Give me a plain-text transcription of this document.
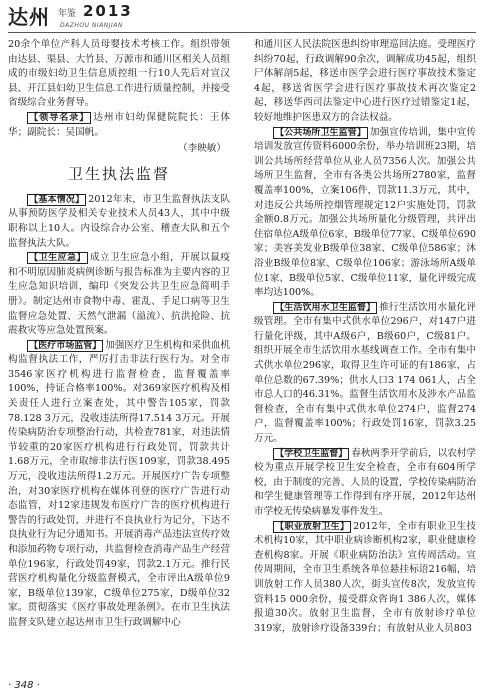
达州 年鉴 2013
DAZHOU NIANJIAN

20余个单位产科人员母婴技术考核工作。组织带领由达县、渠县、大竹县、万源市和通川区相关人员组成的市级妇幼卫生信息质控组一行10人先后对宣汉县、开江县妇幼卫生信息工作进行质量控制，并接受省级综合业务督导。

【领导名录】 达州市妇幼保健院院长：王体华；副院长：吴国帆。

（李映敏）
卫生执法监督

【基本情况】 2012年末，市卫生监督执法支队从事预防医学及相关专业技术人员43人，其中中级职称以上10人。内设综合办公室、稽查大队和五个监督执法大队。

【卫生应急】 成立卫生应急小组，开展以鼠疫和不明原因肺炎病例诊断与报告标准为主要内容的卫生应急知识培训，编印《突发公共卫生应急简明手册》。制定达州市食物中毒、霍乱、手足口病等卫生监督应急处置、天然气泄漏（溢流）、抗洪抢险、抗震救灾等应急处置预案。

【医疗市场监管】 加强医疗卫生机构和采供血机构监督执法工作，严厉打击非法行医行为。对全市3546家医疗机构进行监督检查，监督覆盖率100%，持证合格率100%。对369家医疗机构及相关责任人进行立案查处，其中警告105家，罚款78.128 3万元，没收违法所得17.514 3万元。开展传染病防治专项整治行动，共检查781家，对违法情节较重的20家医疗机构进行行政处罚，罚款共计1.68万元，全市取缔非法行医109家，罚款38.495万元，没收违法所得1.2万元。开展医疗广告专项整治，对30家医疗机构在媒体刊登的医疗广告进行动态监管，对12家违规发布医疗广告的医疗机构进行警告的行政处罚，并进行不良执业行为记分，下达不良执业行为记分通知书。开展消毒产品违法宣传疗效和添加药物专项行动，共监督检查消毒产品生产经营单位196家，行政处罚49家，罚款2.1万元。推行民营医疗机构量化分级监督模式，全市评出A级单位9家，B级单位139家，C级单位275家，D级单位32家。贯彻落实《医疗事故处理条例》。在市卫生执法监督支队建立起达州市卫生行政调解中心

和通川区人民法院医患纠纷审理巡回法庭。受理医疗纠纷70起，行政调解90余次，调解成功45起，组织尸体解剖5起，移送市医学会进行医疗事故技术鉴定4起，移送省医学会进行医疗事故技术再次鉴定2起，移送华西司法鉴定中心进行医疗过错鉴定1起，较好地维护医患双方的合法权益。

【公共场所卫生监管】 加强宣传培训，集中宣传培训发放宣传资料6000余份，举办培训班23期，培训公共场所经营单位从业人员7356人次。加强公共场所卫生监督，全市有各类公共场所2780家，监督覆盖率100%，立案106件，罚款11.3万元，其中，对违反公共场所控烟管理规定12户实施处罚，罚款金额0.8万元。加强公共场所量化分级管理，共评出住宿单位A级单位6家、B级单位77家、C级单位690家；美容美发业B级单位38家、C级单位586家；沐浴业B级单位8家、C级单位106家；游泳场所A级单位1家、B级单位5家、C级单位11家，量化评级完成率均达100%。

【生活饮用水卫生监督】 推行生活饮用水量化评级管理。全市有集中式供水单位296户，对147户进行量化评级，其中A级6户，B级60户，C级81户。组织开展全市生活饮用水基线调查工作。全市有集中式供水单位296家，取得卫生许可证的有186家，占单位总数的67.39%；供水人口3 174 061人，占全市总人口的46.31%。监督生活饮用水及涉水产品监督检查，全市有集中式供水单位274户，监督274户，监督覆盖率100%；行政处罚16家，罚款3.25万元。

【学校卫生监督】 春秋两季开学前后，以农村学校为重点开展学校卫生安全检查，全市有604所学校，由于制度的完善、人员的设置，学校传染病防治和学生健康管理等工作得到有序开展，2012年达州市学校无传染病暴发事件发生。

【职业放射卫生】 2012年，全市有职业卫生技术机构10家，其中职业病诊断机构2家，职业健康检查机构8家。开展《职业病防治法》宣传周活动。宣传周期间，全市卫生系统各单位悬挂标语216幅，培训放射工作人员380人次，街头宣传8次，发放宣传资料15 000余份，接受群众咨询1 386人次，媒体报道30次。放射卫生监督，全市有放射诊疗单位319家，放射诊疗设备339台；有放射从业人员803

· 348 ·
